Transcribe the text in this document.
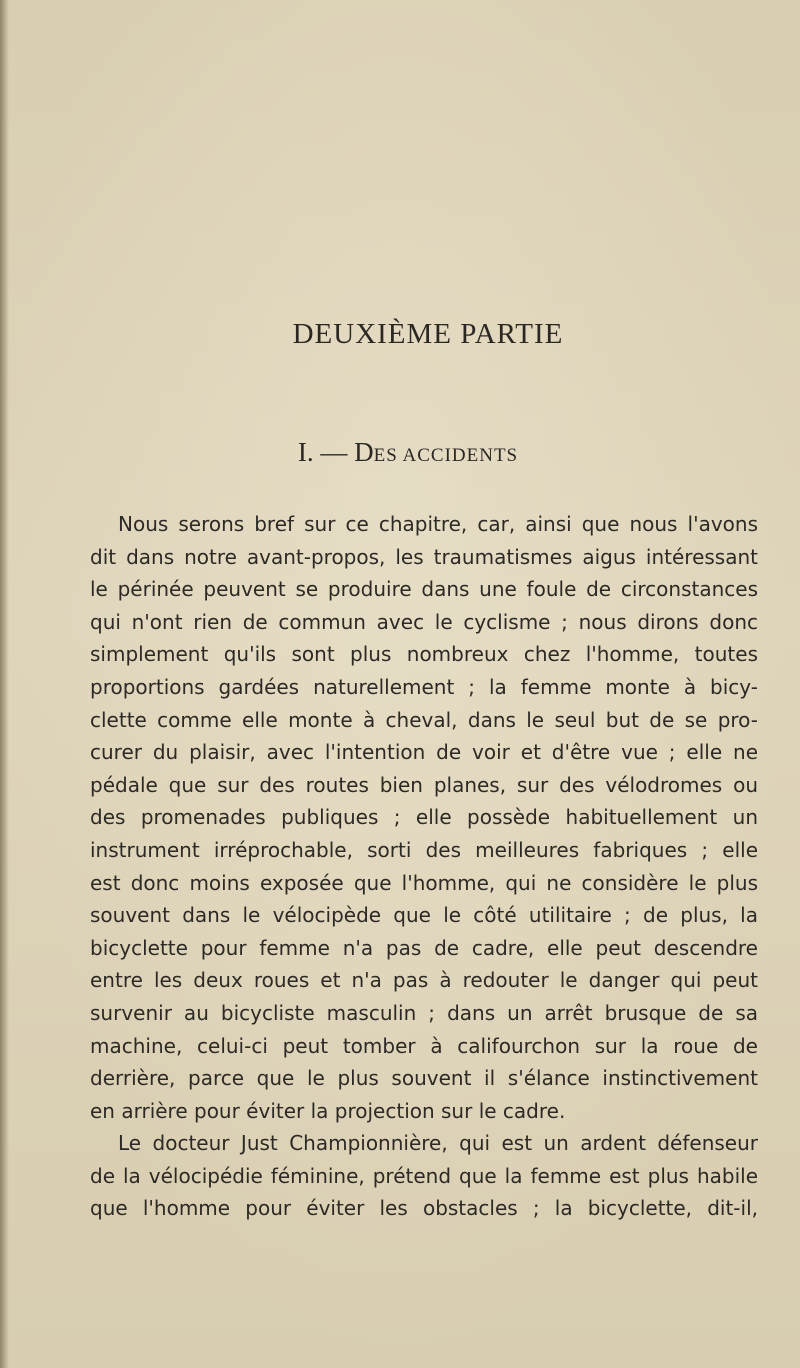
DEUXIÈME PARTIE
I. — DES ACCIDENTS
Nous serons bref sur ce chapitre, car, ainsi que nous l'avons
dit dans notre avant-propos, les traumatismes aigus intéressant
le périnée peuvent se produire dans une foule de circonstances
qui n'ont rien de commun avec le cyclisme ; nous dirons donc
simplement qu'ils sont plus nombreux chez l'homme, toutes
proportions gardées naturellement ; la femme monte à bicy-
clette comme elle monte à cheval, dans le seul but de se pro-
curer du plaisir, avec l'intention de voir et d'être vue ; elle ne
pédale que sur des routes bien planes, sur des vélodromes ou
des promenades publiques ; elle possède habituellement un
instrument irréprochable, sorti des meilleures fabriques ; elle
est donc moins exposée que l'homme, qui ne considère le plus
souvent dans le vélocipède que le côté utilitaire ; de plus, la
bicyclette pour femme n'a pas de cadre, elle peut descendre
entre les deux roues et n'a pas à redouter le danger qui peut
survenir au bicycliste masculin ; dans un arrêt brusque de sa
machine, celui-ci peut tomber à califourchon sur la roue de
derrière, parce que le plus souvent il s'élance instinctivement
en arrière pour éviter la projection sur le cadre.
Le docteur Just Championnière, qui est un ardent défenseur
de la vélocipédie féminine, prétend que la femme est plus habile
que l'homme pour éviter les obstacles ; la bicyclette, dit-il,
